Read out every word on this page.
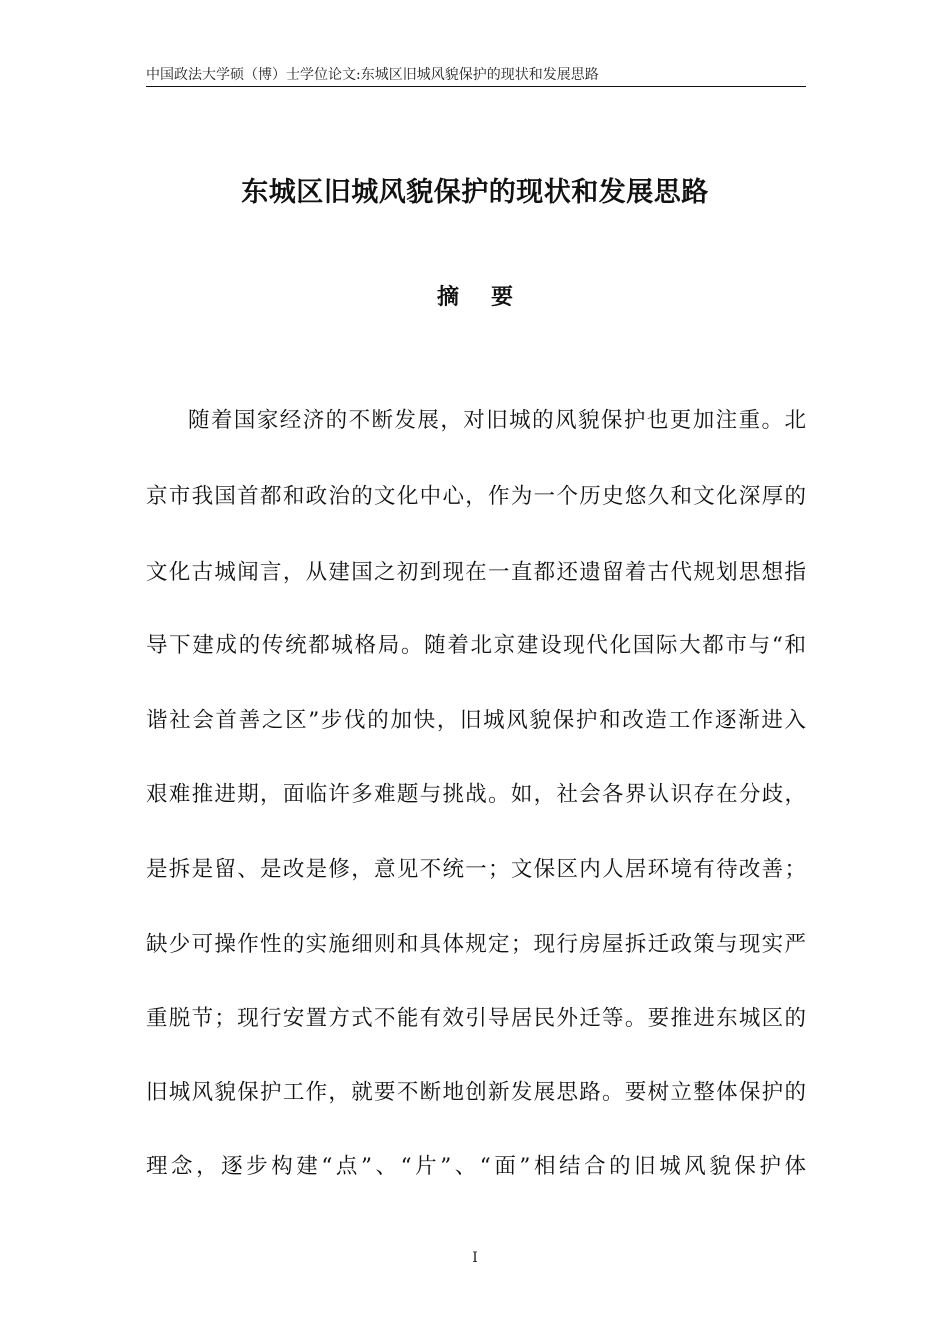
中国政法大学硕（博）士学位论文:东城区旧城风貌保护的现状和发展思路
东城区旧城风貌保护的现状和发展思路
摘要
随着国家经济的不断发展，对旧城的风貌保护也更加注重。北
京市我国首都和政治的文化中心，作为一个历史悠久和文化深厚的
文化古城闻言，从建国之初到现在一直都还遗留着古代规划思想指
导下建成的传统都城格局。随着北京建设现代化国际大都市与“和
谐社会首善之区”步伐的加快，旧城风貌保护和改造工作逐渐进入
艰难推进期，面临许多难题与挑战。如，社会各界认识存在分歧，
是拆是留、是改是修，意见不统一；文保区内人居环境有待改善；
缺少可操作性的实施细则和具体规定；现行房屋拆迁政策与现实严
重脱节；现行安置方式不能有效引导居民外迁等。要推进东城区的
旧城风貌保护工作，就要不断地创新发展思路。要树立整体保护的
理念，逐步构建“点”、“片”、“面”相结合的旧城风貌保护体
I
